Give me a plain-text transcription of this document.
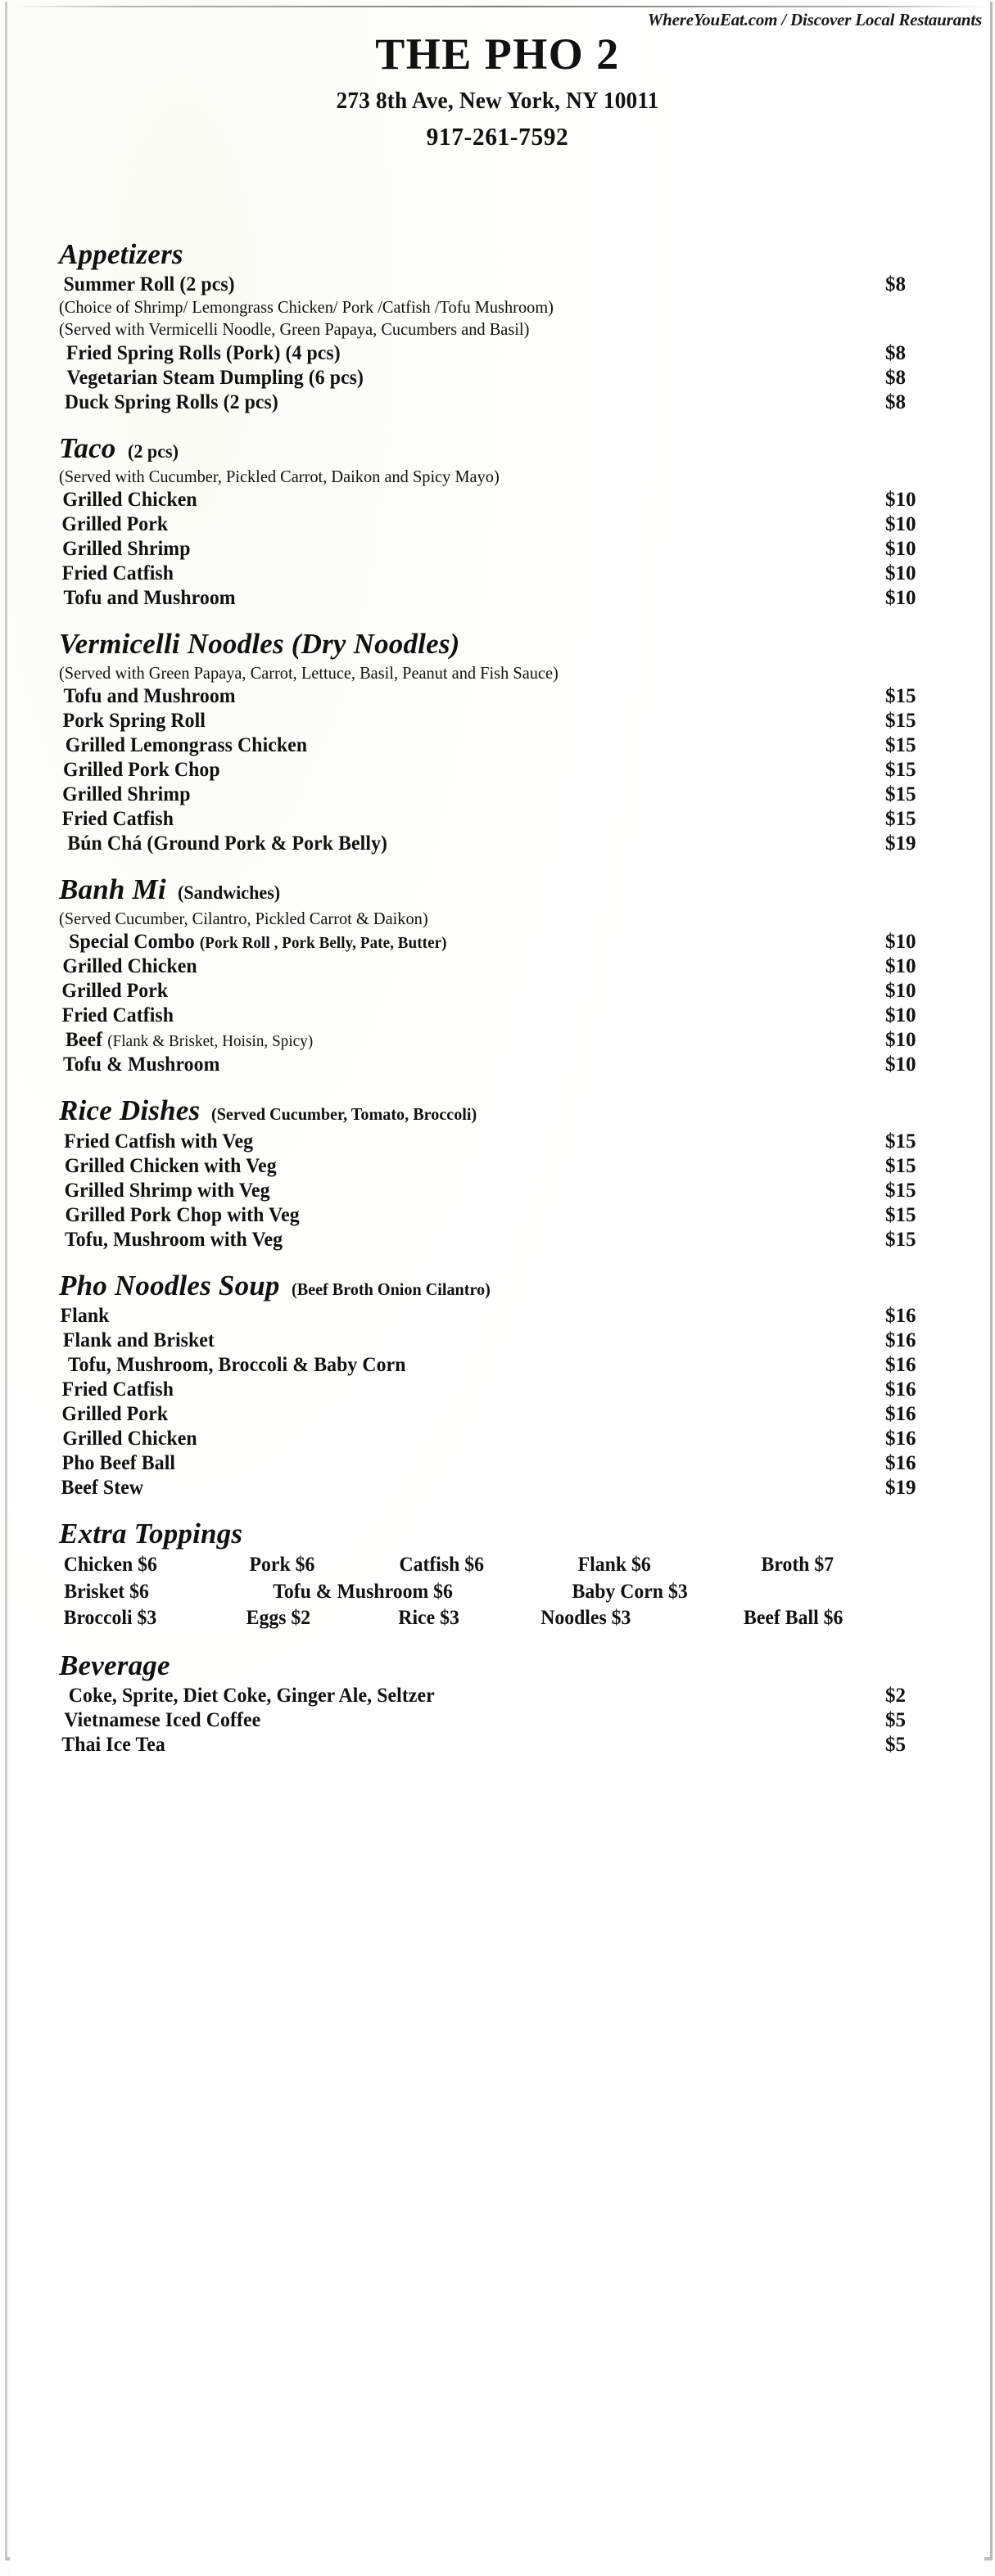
WhereYouEat.com / Discover Local Restaurants
THE PHO 2
273 8th Ave, New York, NY 10011
917-261-7592
Appetizers
Summer Roll (2 pcs)	$8
(Choice of Shrimp/ Lemongrass Chicken/ Pork /Catfish /Tofu Mushroom)
(Served with Vermicelli Noodle, Green Papaya, Cucumbers and Basil)
Fried Spring Rolls (Pork) (4 pcs)	$8
Vegetarian Steam Dumpling (6 pcs)	$8
Duck Spring Rolls (2 pcs)	$8
Taco (2 pcs)
(Served with Cucumber, Pickled Carrot, Daikon and Spicy Mayo)
Grilled Chicken	$10
Grilled Pork	$10
Grilled Shrimp	$10
Fried Catfish	$10
Tofu and Mushroom	$10
Vermicelli Noodles (Dry Noodles)
(Served with Green Papaya, Carrot, Lettuce, Basil, Peanut and Fish Sauce)
Tofu and Mushroom	$15
Pork Spring Roll	$15
Grilled Lemongrass Chicken	$15
Grilled Pork Chop	$15
Grilled Shrimp	$15
Fried Catfish	$15
Bún Chá (Ground Pork & Pork Belly)	$19
Banh Mi (Sandwiches)
(Served Cucumber, Cilantro, Pickled Carrot & Daikon)
Special Combo (Pork Roll , Pork Belly, Pate, Butter)	$10
Grilled Chicken	$10
Grilled Pork	$10
Fried Catfish	$10
Beef (Flank & Brisket, Hoisin, Spicy)	$10
Tofu & Mushroom	$10
Rice Dishes (Served Cucumber, Tomato, Broccoli)
Fried Catfish with Veg	$15
Grilled Chicken with Veg	$15
Grilled Shrimp with Veg	$15
Grilled Pork Chop with Veg	$15
Tofu, Mushroom with Veg	$15
Pho Noodles Soup (Beef Broth Onion Cilantro)
Flank	$16
Flank and Brisket	$16
Tofu, Mushroom, Broccoli & Baby Corn	$16
Fried Catfish	$16
Grilled Pork	$16
Grilled Chicken	$16
Pho Beef Ball	$16
Beef Stew	$19
Extra Toppings
Chicken $6	Pork $6	Catfish $6	Flank $6	Broth $7
Brisket $6	Tofu & Mushroom $6	Baby Corn $3
Broccoli $3	Eggs $2	Rice $3	Noodles $3	Beef Ball $6
Beverage
Coke, Sprite, Diet Coke, Ginger Ale, Seltzer	$2
Vietnamese Iced Coffee	$5
Thai Ice Tea	$5
